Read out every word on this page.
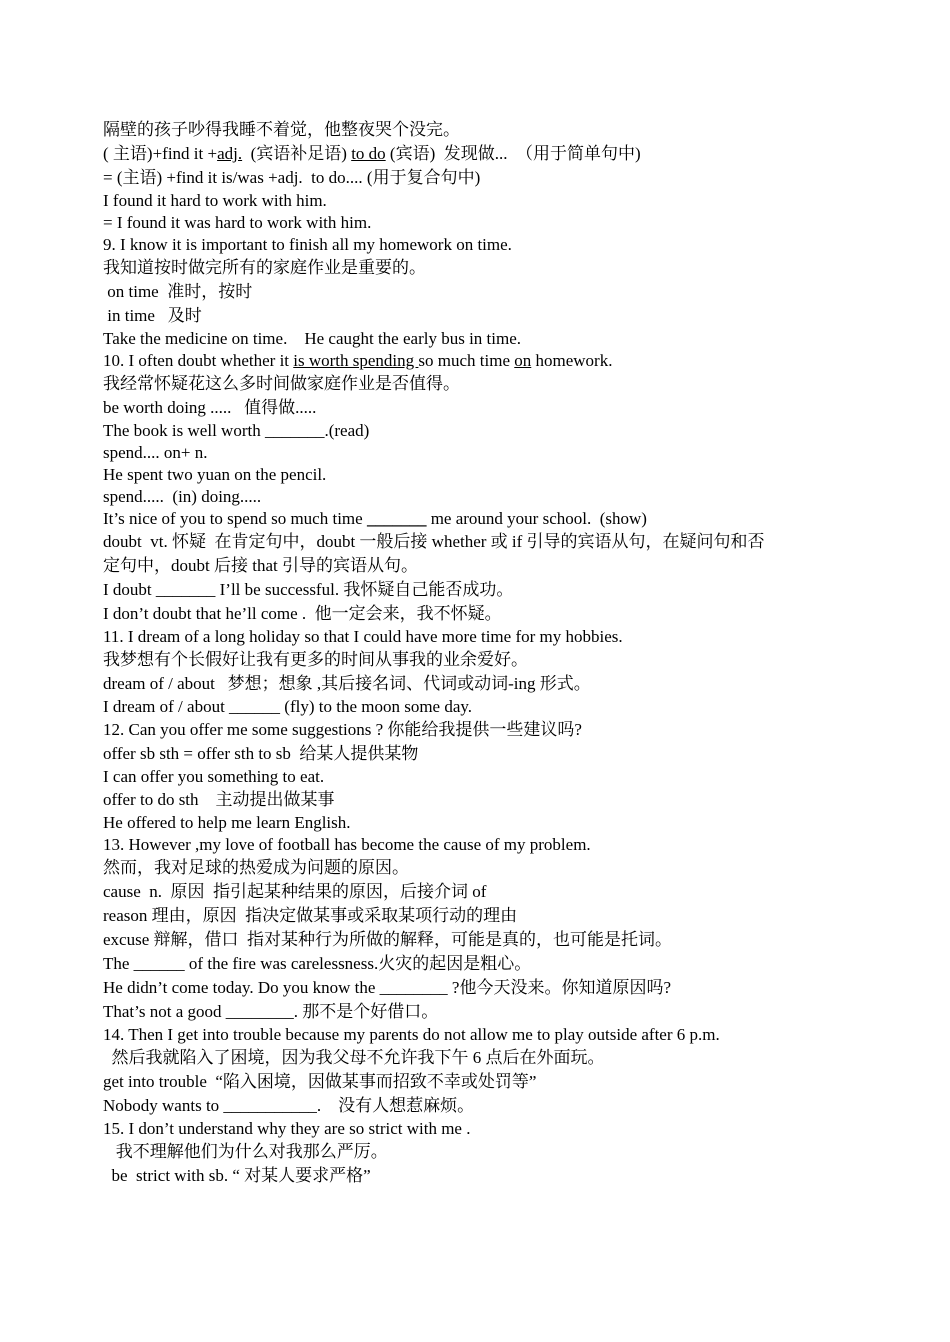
隔壁的孩子吵得我睡不着觉，他整夜哭个没完。
( 主语)+find it +adj.  (宾语补足语) to do (宾语)  发现做...  （用于简单句中)
= (主语) +find it is/was +adj.  to do.... (用于复合句中)
I found it hard to work with him.
= I found it was hard to work with him.
9. I know it is important to finish all my homework on time.
我知道按时做完所有的家庭作业是重要的。
on time  准时，按时
in time   及时
Take the medicine on time.    He caught the early bus in time.
10. I often doubt whether it is worth spending so much time on homework.
我经常怀疑花这么多时间做家庭作业是否值得。
be worth doing .....   值得做.....
The book is well worth _______.(read)
spend.... on+ n.
He spent two yuan on the pencil.
spend.....  (in) doing.....
It’s nice of you to spend so much time _______ me around your school.  (show)
doubt  vt. 怀疑  在肯定句中，doubt 一般后接 whether 或 if 引导的宾语从句，在疑问句和否
定句中，doubt 后接 that 引导的宾语从句。
I doubt _______ I’ll be successful. 我怀疑自己能否成功。
I don’t doubt that he’ll come .  他一定会来，我不怀疑。
11. I dream of a long holiday so that I could have more time for my hobbies.
我梦想有个长假好让我有更多的时间从事我的业余爱好。
dream of / about   梦想；想象 ,其后接名词、代词或动词-ing 形式。
I dream of / about ______ (fly) to the moon some day.
12. Can you offer me some suggestions ? 你能给我提供一些建议吗?
offer sb sth = offer sth to sb  给某人提供某物
I can offer you something to eat.
offer to do sth    主动提出做某事
He offered to help me learn English.
13. However ,my love of football has become the cause of my problem.
然而，我对足球的热爱成为问题的原因。
cause  n.  原因  指引起某种结果的原因，后接介词 of
reason 理由，原因  指决定做某事或采取某项行动的理由
excuse 辩解，借口  指对某种行为所做的解释，可能是真的，也可能是托词。
The ______ of the fire was carelessness.火灾的起因是粗心。
He didn’t come today. Do you know the ________ ?他今天没来。你知道原因吗?
That’s not a good ________. 那不是个好借口。
14. Then I get into trouble because my parents do not allow me to play outside after 6 p.m.
然后我就陷入了困境，因为我父母不允许我下午 6 点后在外面玩。
get into trouble  “陷入困境，因做某事而招致不幸或处罚等”
Nobody wants to ___________.    没有人想惹麻烦。
15. I don’t understand why they are so strict with me .
我不理解他们为什么对我那么严厉。
be  strict with sb. “ 对某人要求严格”
